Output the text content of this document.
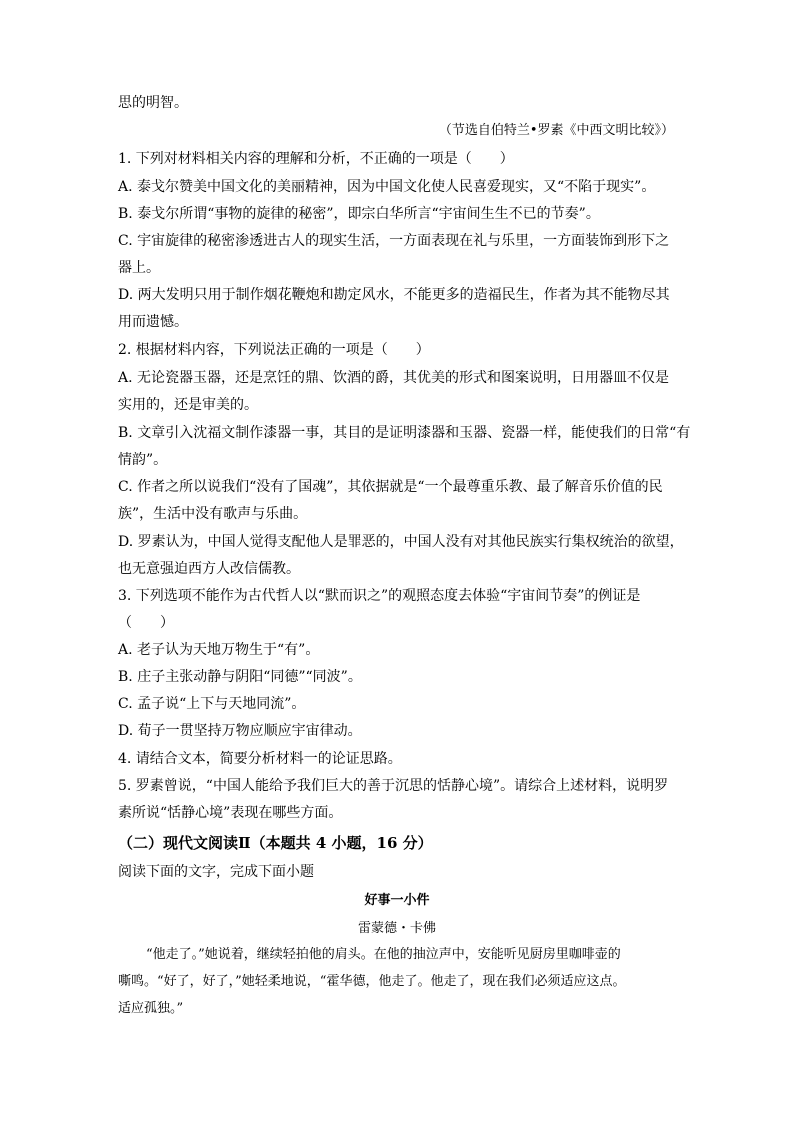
思的明智。
（节选自伯特兰•罗素《中西文明比较》）
1. 下列对材料相关内容的理解和分析，不正确的一项是（　　）
A. 泰戈尔赞美中国文化的美丽精神，因为中国文化使人民喜爱现实，又“不陷于现实”。
B. 泰戈尔所谓“事物的旋律的秘密”，即宗白华所言“宇宙间生生不已的节奏”。
C. 宇宙旋律的秘密渗透进古人的现实生活，一方面表现在礼与乐里，一方面装饰到形下之
器上。
D. 两大发明只用于制作烟花鞭炮和勘定风水，不能更多的造福民生，作者为其不能物尽其
用而遗憾。
2. 根据材料内容，下列说法正确的一项是（　　）
A. 无论瓷器玉器，还是烹饪的鼎、饮酒的爵，其优美的形式和图案说明，日用器皿不仅是
实用的，还是审美的。
B. 文章引入沈福文制作漆器一事，其目的是证明漆器和玉器、瓷器一样，能使我们的日常“有
情韵”。
C. 作者之所以说我们“没有了国魂”，其依据就是“一个最尊重乐教、最了解音乐价值的民
族”，生活中没有歌声与乐曲。
D. 罗素认为，中国人觉得支配他人是罪恶的，中国人没有对其他民族实行集权统治的欲望，
也无意强迫西方人改信儒教。
3. 下列选项不能作为古代哲人以“默而识之”的观照态度去体验“宇宙间节奏”的例证是
（　　）
A. 老子认为天地万物生于“有”。
B. 庄子主张动静与阴阳“同德”“同波”。
C. 孟子说“上下与天地同流”。
D. 荀子一贯坚持万物应顺应宇宙律动。
4. 请结合文本，简要分析材料一的论证思路。
5. 罗素曾说，“中国人能给予我们巨大的善于沉思的恬静心境”。请综合上述材料，说明罗
素所说“恬静心境”表现在哪些方面。
（二）现代文阅读Ⅱ（本题共 4 小题，16 分）
阅读下面的文字，完成下面小题
好事一小件
雷蒙德・卡佛
“他走了。”她说着，继续轻拍他的肩头。在他的抽泣声中，安能听见厨房里咖啡壶的
嘶鸣。“好了，好了，”她轻柔地说，“霍华德，他走了。他走了，现在我们必须适应这点。
适应孤独。”
